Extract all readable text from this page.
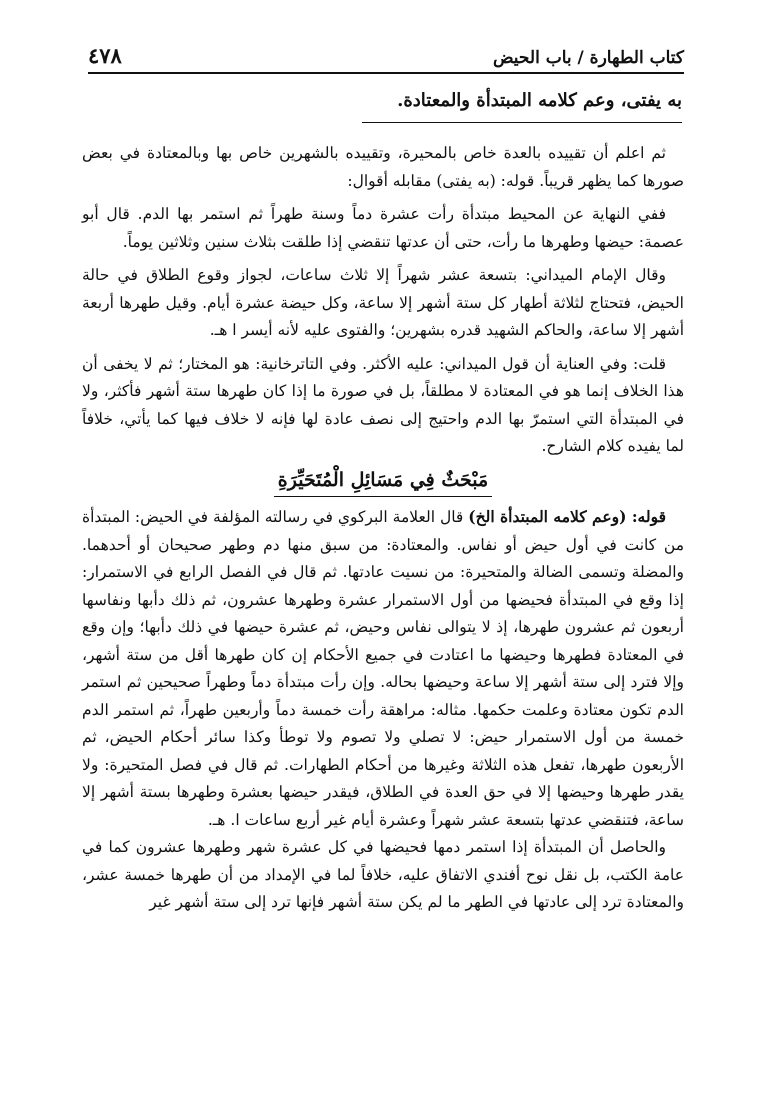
كتاب الطهارة / باب الحيض
٤٧٨
به يفتى، وعم كلامه المبتدأة والمعتادة.

ثم اعلم أن تقييده بالعدة خاص بالمحيرة، وتقييده بالشهرين خاص بها وبالمعتادة في بعض صورها كما يظهر قريباً. قوله: (به يفتى) مقابله أقوال:

ففي النهاية عن المحيط مبتدأة رأت عشرة دماً وسنة طهراً ثم استمر بها الدم. قال أبو عصمة: حيضها وطهرها ما رأت، حتى أن عدتها تنقضي إذا طلقت بثلاث سنين وثلاثين يوماً.

وقال الإمام الميداني: بتسعة عشر شهراً إلا ثلاث ساعات، لجواز وقوع الطلاق في حالة الحيض، فتحتاج لثلاثة أطهار كل ستة أشهر إلا ساعة، وكل حيضة عشرة أيام. وقيل طهرها أربعة أشهر إلا ساعة، والحاكم الشهيد قدره بشهرين؛ والفتوى عليه لأنه أيسر ا هـ.

قلت: وفي العناية أن قول الميداني: عليه الأكثر. وفي التاترخانية: هو المختار؛ ثم لا يخفى أن هذا الخلاف إنما هو في المعتادة لا مطلقاً، بل في صورة ما إذا كان طهرها ستة أشهر فأكثر، ولا في المبتدأة التي استمرّ بها الدم واحتيج إلى نصف عادة لها فإنه لا خلاف فيها كما يأتي، خلافاً لما يفيده كلام الشارح.

مَبْحَثٌ فِي مَسَائِلِ الْمُتَحَيِّرَةِ

قوله: (وعم كلامه المبتدأة الخ) قال العلامة البركوي في رسالته المؤلفة في الحيض: المبتدأة من كانت في أول حيض أو نفاس. والمعتادة: من سبق منها دم وطهر صحيحان أو أحدهما. والمضلة وتسمى الضالة والمتحيرة: من نسيت عادتها. ثم قال في الفصل الرابع في الاستمرار: إذا وقع في المبتدأة فحيضها من أول الاستمرار عشرة وطهرها عشرون، ثم ذلك دأبها ونفاسها أربعون ثم عشرون طهرها، إذ لا يتوالى نفاس وحيض، ثم عشرة حيضها في ذلك دأبها؛ وإن وقع في المعتادة فطهرها وحيضها ما اعتادت في جميع الأحكام إن كان طهرها أقل من ستة أشهر، وإلا فترد إلى ستة أشهر إلا ساعة وحيضها بحاله. وإن رأت مبتدأة دماً وطهراً صحيحين ثم استمر الدم تكون معتادة وعلمت حكمها. مثاله: مراهقة رأت خمسة دماً وأربعين طهراً، ثم استمر الدم خمسة من أول الاستمرار حيض: لا تصلي ولا تصوم ولا توطأ وكذا سائر أحكام الحيض، ثم الأربعون طهرها، تفعل هذه الثلاثة وغيرها من أحكام الطهارات. ثم قال في فصل المتحيرة: ولا يقدر طهرها وحيضها إلا في حق العدة في الطلاق، فيقدر حيضها بعشرة وطهرها بستة أشهر إلا ساعة، فتنقضي عدتها بتسعة عشر شهراً وعشرة أيام غير أربع ساعات ا. هـ.

والحاصل أن المبتدأة إذا استمر دمها فحيضها في كل عشرة شهر وطهرها عشرون كما في عامة الكتب، بل نقل نوح أفندي الاتفاق عليه، خلافاً لما في الإمداد من أن طهرها خمسة عشر، والمعتادة ترد إلى عادتها في الطهر ما لم يكن ستة أشهر فإنها ترد إلى ستة أشهر غير
